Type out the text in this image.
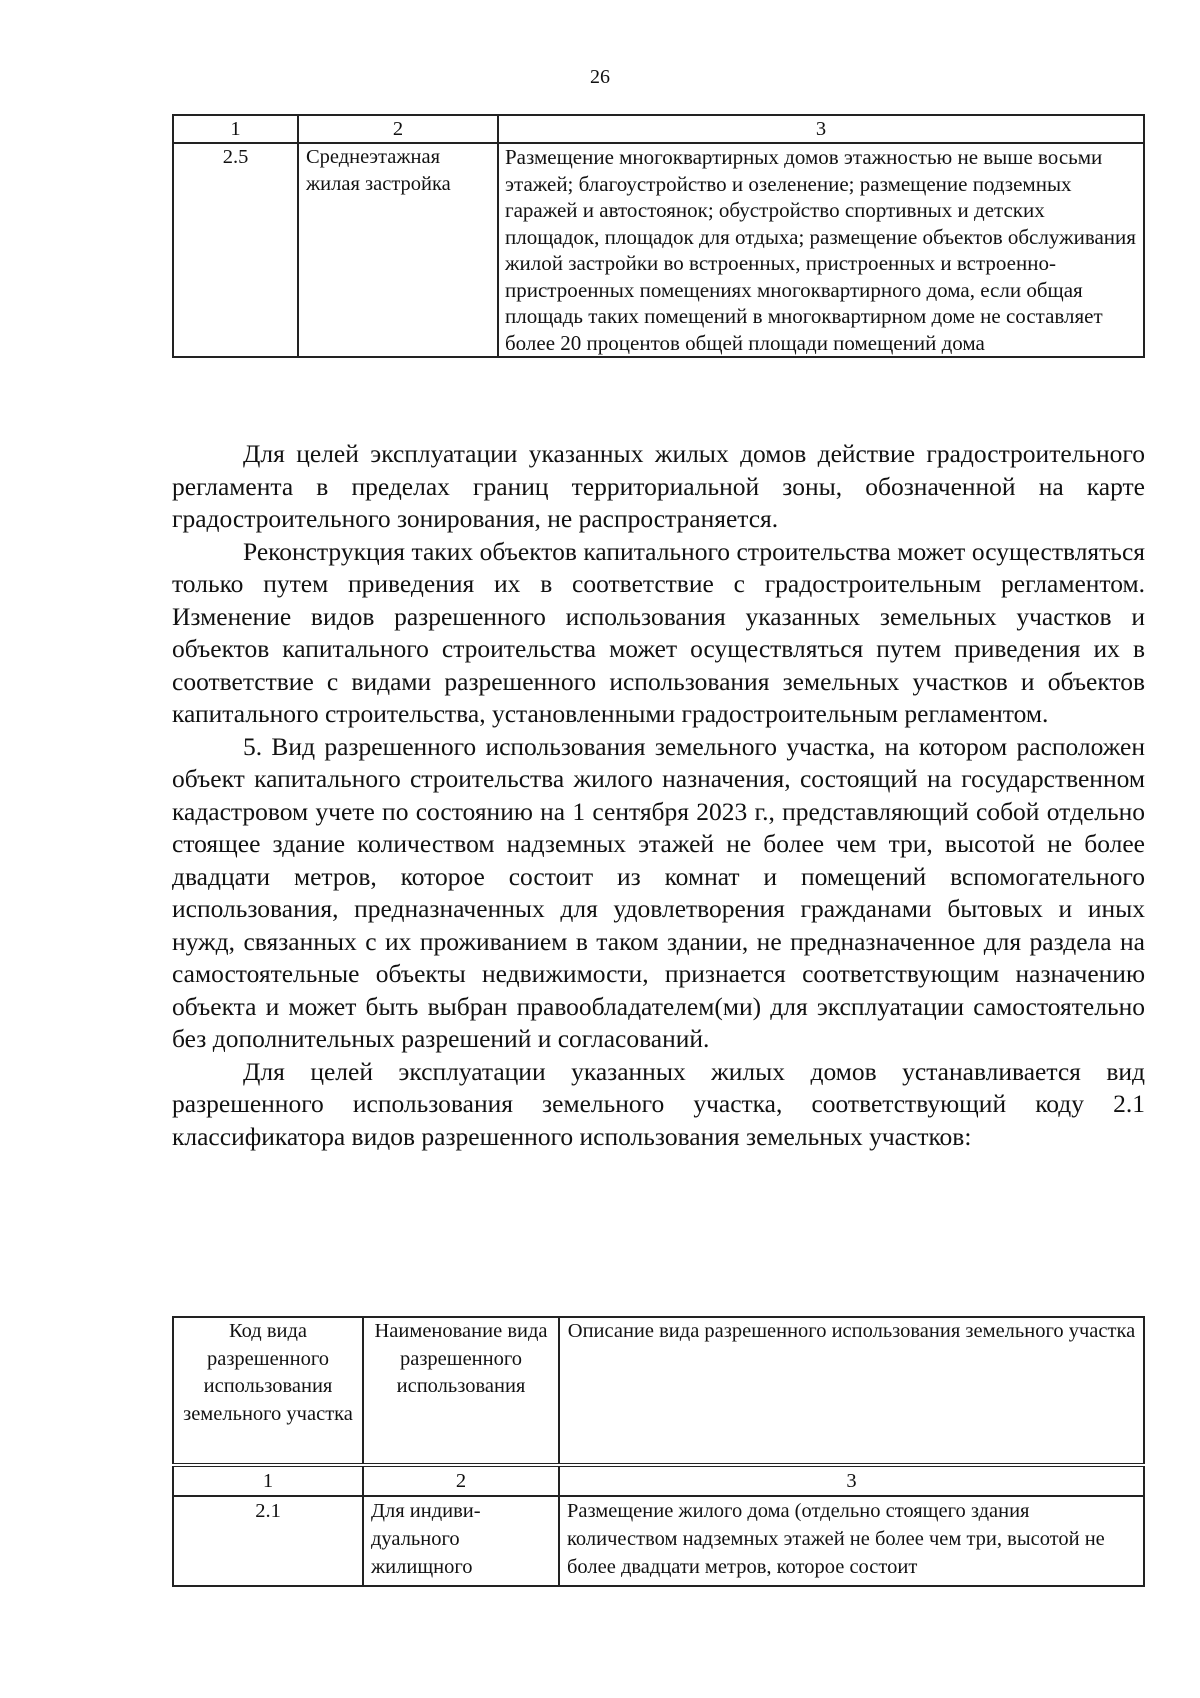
26
1	2	3
2.5	Среднеэтажная жилая застройка	Размещение многоквартирных домов этажностью не выше восьми этажей; благоустройство и озеленение; размещение подземных гаражей и автостоянок; обустройство спортивных и детских площадок, площадок для отдыха; размещение объектов обслуживания жилой застройки во встроенных, пристроенных и встроенно-пристроенных помещениях многоквартирного дома, если общая площадь таких помещений в многоквартирном доме не составляет более 20 процентов общей площади помещений дома

Для целей эксплуатации указанных жилых домов действие градостроительного регламента в пределах границ территориальной зоны, обозначенной на карте градостроительного зонирования, не распространяется.

Реконструкция таких объектов капитального строительства может осуществляться только путем приведения их в соответствие с градостроительным регламентом. Изменение видов разрешенного использования указанных земельных участков и объектов капитального строительства может осуществляться путем приведения их в соответствие с видами разрешенного использования земельных участков и объектов капитального строительства, установленными градостроительным регламентом.

5. Вид разрешенного использования земельного участка, на котором расположен объект капитального строительства жилого назначения, состоящий на государственном кадастровом учете по состоянию на 1 сентября 2023 г., представляющий собой отдельно стоящее здание количеством надземных этажей не более чем три, высотой не более двадцати метров, которое состоит из комнат и помещений вспомогательного использования, предназначенных для удовлетворения гражданами бытовых и иных нужд, связанных с их проживанием в таком здании, не предназначенное для раздела на самостоятельные объекты недвижимости, признается соответствующим назначению объекта и может быть выбран правообладателем(ми) для эксплуатации самостоятельно без дополнительных разрешений и согласований.

Для целей эксплуатации указанных жилых домов устанавливается вид разрешенного использования земельного участка, соответствующий коду 2.1 классификатора видов разрешенного использования земельных участков:

Код вида разрешенного использования земельного участка	Наименование вида разрешенного использования	Описание вида разрешенного использования земельного участка
1	2	3
2.1	Для индиви-дуального жилищного	Размещение жилого дома (отдельно стоящего здания количеством надземных этажей не более чем три, высотой не более двадцати метров, которое состоит
